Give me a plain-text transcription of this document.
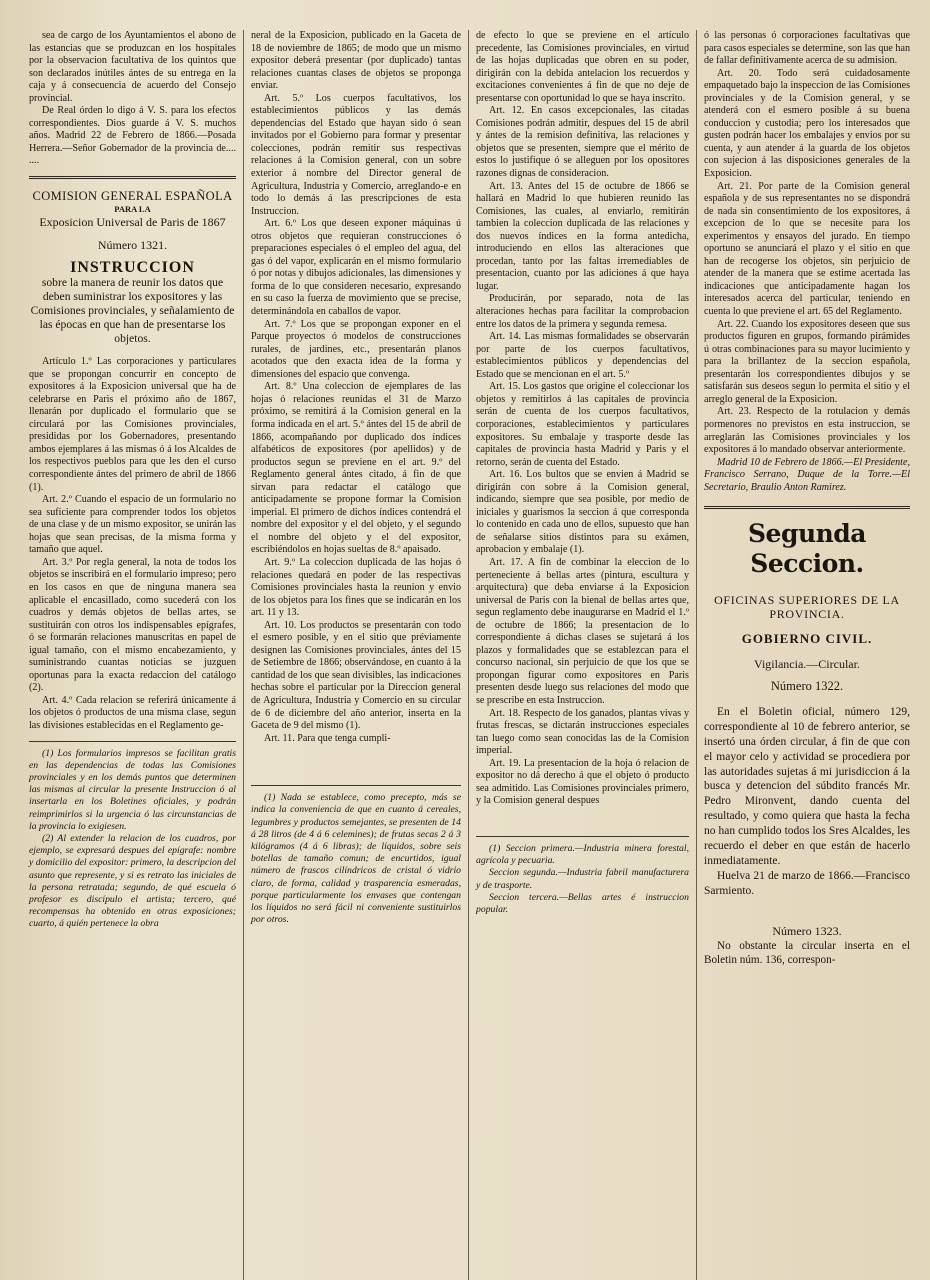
sea de cargo de los Ayuntamientos el abono de las estancias que se produzcan en los hospitales por la observacion facultativa de los quintos que son declarados inútiles ántes de su entrega en la caja y á consecuencia de acuerdo del Consejo provincial.

De Real órden lo digo á V. S. para los efectos correspondientes. Dios guarde á V. S. muchos años. Madrid 22 de Febrero de 1866.—Posada Herrera.—Señor Gobernador de la provincia de.... ....

COMISION GENERAL ESPAÑOLA

PARA LA

Exposicion Universal de Paris de 1867

Número 1321.

INSTRUCCION

sobre la manera de reunir los datos que deben suministrar los expositores y las Comisiones provinciales, y señalamiento de las épocas en que han de presentarse los objetos.

Artículo 1.º Las corporaciones y particulares que se propongan concurrir en concepto de expositores á la Exposicion universal que ha de celebrarse en Paris el próximo año de 1867, llenarán por duplicado el formulario que se circulará por las Comisiones provinciales, presididas por los Gobernadores, presentando ambos ejemplares á las mismas ó á los Alcaldes de los respectivos pueblos para que les den el curso correspondiente ántes del primero de abril de 1866 (1).

Art. 2.º Cuando el espacio de un formulario no sea suficiente para comprender todos los objetos de una clase y de un mismo expositor, se unirán las hojas que sean precisas, de la misma forma y tamaño que aquel.

Art. 3.º Por regla general, la nota de todos los objetos se inscribirá en el formulario impreso; pero en los casos en que de ninguna manera sea aplicable el encasillado, como sucederá con los cuadros y demás objetos de bellas artes, se sustituirán con otros los indispensables epígrafes, ó se formarán relaciones manuscritas en papel de igual tamaño, con el mismo encabezamiento, y suministrando cuantas noticias se juzguen oportunas para la exacta redaccion del catálogo (2).

Art. 4.º Cada relacion se referirá únicamente á los objetos ó productos de una misma clase, segun las divisiones establecidas en el Reglamento ge-

(1) Los formularios impresos se facilitan gratis en las dependencias de todas las Comisiones provinciales y en los demás puntos que determinen las mismas al circular la presente Instruccion ó al insertarla en los Boletines oficiales, y podrán reimprimirlos si la urgencia ó las circunstancias de la provincia lo exigiesen.

(2) Al extender la relacion de los cuadros, por ejemplo, se expresará despues del epígrafe: nombre y domicilio del expositor: primero, la descripcion del asunto que represente, y si es retrato las iniciales de la persona retratada; segundo, de qué escuela ó profesor es discípulo el artista; tercero, qué recompensas ha obtenido en otras exposiciones; cuarto, á quién pertenece la obra

neral de la Exposicion, publicado en la Gaceta de 18 de noviembre de 1865; de modo que un mismo expositor deberá presentar (por duplicado) tantas relaciones cuantas clases de objetos se proponga enviar.

Art. 5.º Los cuerpos facultativos, los establecimientos públicos y las demás dependencias del Estado que hayan sido ó sean invitados por el Gobierno para formar y presentar colecciones, podrán remitir sus respectivas relaciones á la Comision general, con un sobre exterior á nombre del Director general de Agricultura, Industria y Comercio, arreglando-e en todo lo demás á las prescripciones de esta Instruccion.

Art. 6.º Los que deseen exponer máquinas ú otros objetos que requieran construcciones ó preparaciones especiales ó el empleo del agua, del gas ó del vapor, explicarán en el mismo formulario ó por notas y dibujos adicionales, las dimensiones y forma de lo que consideren necesario, expresando en su caso la fuerza de movimiento que se precise, determinándola en caballos de vapor.

Art. 7.º Los que se propongan exponer en el Parque proyectos ó modelos de construcciones rurales, de jardines, etc., presentarán planos acotados que den exacta idea de la forma y dimensiones del espacio que convenga.

Art. 8.º Una coleccion de ejemplares de las hojas ó relaciones reunidas el 31 de Marzo próximo, se remitirá á la Comision general en la forma indicada en el art. 5.º ántes del 15 de abril de 1866, acompañando por duplicado dos índices alfabéticos de expositores (por apellidos) y de productos segun se previene en el art. 9.º del Reglamento general ántes citado, á fin de que sirvan para redactar el catálogo que anticipadamente se propone formar la Comision imperial. El primero de dichos índices contendrá el nombre del expositor y el del objeto, y el segundo el nombre del objeto y el del expositor, escribiéndolos en hojas sueltas de 8.º apaisado.

Art. 9.º La coleccion duplicada de las hojas ó relaciones quedará en poder de las respectivas Comisiones provinciales hasta la reunion y envio de los objetos para los fines que se indicarán en los art. 11 y 13.

Art. 10. Los productos se presentarán con todo el esmero posible, y en el sitio que préviamente designen las Comisiones provinciales, ántes del 15 de Setiembre de 1866; observándose, en cuanto á la cantidad de los que sean divisibles, las indicaciones hechas sobre el particular por la Direccion general de Agricultura, Industria y Comercio en su circular de 6 de diciembre del año anterior, inserta en la Gaceta de 9 del mismo (1).

Art. 11. Para que tenga cumpli-

(1) Nada se establece, como precepto, más se indica la conveniencia de que en cuanto á cereales, legumbres y productos semejantes, se presenten de 14 á 28 litros (de 4 á 6 celemines); de frutas secas 2 á 3 kilógramos (4 á 6 libras); de líquidos, sobre seis botellas de tamaño comun; de encurtidos, igual número de frascos cilíndricos de cristal ó vidrio claro, de forma, calidad y trasparencia esmeradas, porque particularmente los envases que contengan los líquidos no será fácil ni conveniente sustituirlos por otros.

de efecto lo que se previene en el artículo precedente, las Comisiones provinciales, en virtud de las hojas duplicadas que obren en su poder, dirigirán con la debida antelacion los recuerdos y excitaciones convenientes á fin de que no deje de presentarse con oportunidad lo que se haya inscrito.

Art. 12. En casos excepcionales, las citadas Comisiones podrán admitir, despues del 15 de abril y ántes de la remision definitiva, las relaciones y objetos que se presenten, siempre que el mérito de estos lo justifique ó se alleguen por los opositores razones dignas de consideracion.

Art. 13. Antes del 15 de octubre de 1866 se hallará en Madrid lo que hubieren reunido las Comisiones, las cuales, al enviarlo, remitirán tambien la coleccion duplicada de las relaciones y dos nuevos índices en la forma antedicha, introduciendo en ellos las alteraciones que procedan, tanto por las faltas irremediables de presentacion, cuanto por las adiciones á que haya lugar.

Producirán, por separado, nota de las alteraciones hechas para facilitar la comprobacion entre los datos de la primera y segunda remesa.

Art. 14. Las mismas formalidades se observarán por parte de los cuerpos facultativos, establecimientos públicos y dependencias del Estado que se mencionan en el art. 5.º

Art. 15. Los gastos que origine el coleccionar los objetos y remitirlos á las capitales de provincia serán de cuenta de los cuerpos facultativos, corporaciones, establecimientos y particulares expositores. Su embalaje y trasporte desde las capitales de provincia hasta Madrid y Paris y el retorno, serán de cuenta del Estado.

Art. 16. Los bultos que se envien á Madrid se dirigirán con sobre á la Comision general, indicando, siempre que sea posible, por medio de iniciales y guarismos la seccion á que corresponda lo contenido en cada uno de ellos, supuesto que han de señalarse sitios distintos para su exámen, aprobacion y embalaje (1).

Art. 17. A fin de combinar la eleccion de lo perteneciente á bellas artes (pintura, escultura y arquitectura) que deba enviarse á la Exposicion universal de Paris con la bienal de bellas artes que, segun reglamento debe inaugurarse en Madrid el 1.º de octubre de 1866; la presentacion de lo correspondiente á dichas clases se sujetará á los plazos y formalidades que se establezcan para el concurso nacional, sin perjuicio de que los que se propongan figurar como expositores en Paris presenten desde luego sus relaciones del modo que se prescribe en esta Instruccion.

Art. 18. Respecto de los ganados, plantas vivas y frutas frescas, se dictarán instrucciones especiales tan luego como sean conocidas las de la Comision imperial.

Art. 19. La presentacion de la hoja ó relacion de expositor no dá derecho á que el objeto ó producto sea admitido. Las Comisiones provinciales primero, y la Comision general despues

(1) Seccion primera.—Industria minera forestal, agrícola y pecuaria.

Seccion segunda.—Industria fabril manufacturera y de trasporte.

Seccion tercera.—Bellas artes é instruccion popular.

ó las personas ó corporaciones facultativas que para casos especiales se determine, son las que han de fallar definitivamente acerca de su admision.

Art. 20. Todo será cuidadosamente empaquetado bajo la inspeccion de las Comisiones provinciales y de la Comision general, y se atenderá con el esmero posible á su buena conduccion y custodia; pero los interesados que gusten podrán hacer los embalajes y envios por su cuenta, y aun atender á la guarda de los objetos con sujecion á las disposiciones generales de la Exposicion.

Art. 21. Por parte de la Comision general española y de sus representantes no se dispondrá de nada sin consentimiento de los expositores, á excepcion de lo que se necesite para los experimentos y ensayos del jurado. En tiempo oportuno se anunciará el plazo y el sitio en que han de recogerse los objetos, sin perjuicio de atender de la manera que se estime acertada las indicaciones que anticipadamente hagan los interesados acerca del particular, teniendo en cuenta lo que previene el art. 65 del Reglamento.

Art. 22. Cuando los expositores deseen que sus productos figuren en grupos, formando pirámides ú otras combinaciones para su mayor lucimiento y para la brillantez de la seccion española, presentarán los correspondientes dibujos y se satisfarán sus deseos segun lo permita el sitio y el arreglo general de la Exposicion.

Art. 23. Respecto de la rotulacion y demás pormenores no previstos en esta instruccion, se arreglarán las Comisiones provinciales y los expositores á lo mandado observar anteriormente.

Madrid 10 de Febrero de 1866.—El Presidente, Francisco Serrano, Duque de la Torre.—El Secretario, Braulio Anton Ramirez.

Segunda Seccion.

OFICINAS SUPERIORES DE LA PROVINCIA.

GOBIERNO CIVIL.

Vigilancia.—Circular.

Número 1322.

En el Boletin oficial, número 129, correspondiente al 10 de febrero anterior, se insertó una órden circular, á fin de que con el mayor celo y actividad se procediera por las autoridades sujetas á mi jurisdiccion á la busca y detencion del súbdito francés Mr. Pedro Mironvent, dando cuenta del resultado, y como quiera que hasta la fecha no han cumplido todos los Sres Alcaldes, les recuerdo el deber en que están de hacerlo inmediatamente.

Huelva 21 de marzo de 1866.—Francisco Sarmiento.

Número 1323.

No obstante la circular inserta en el Boletin núm. 136, correspon-
